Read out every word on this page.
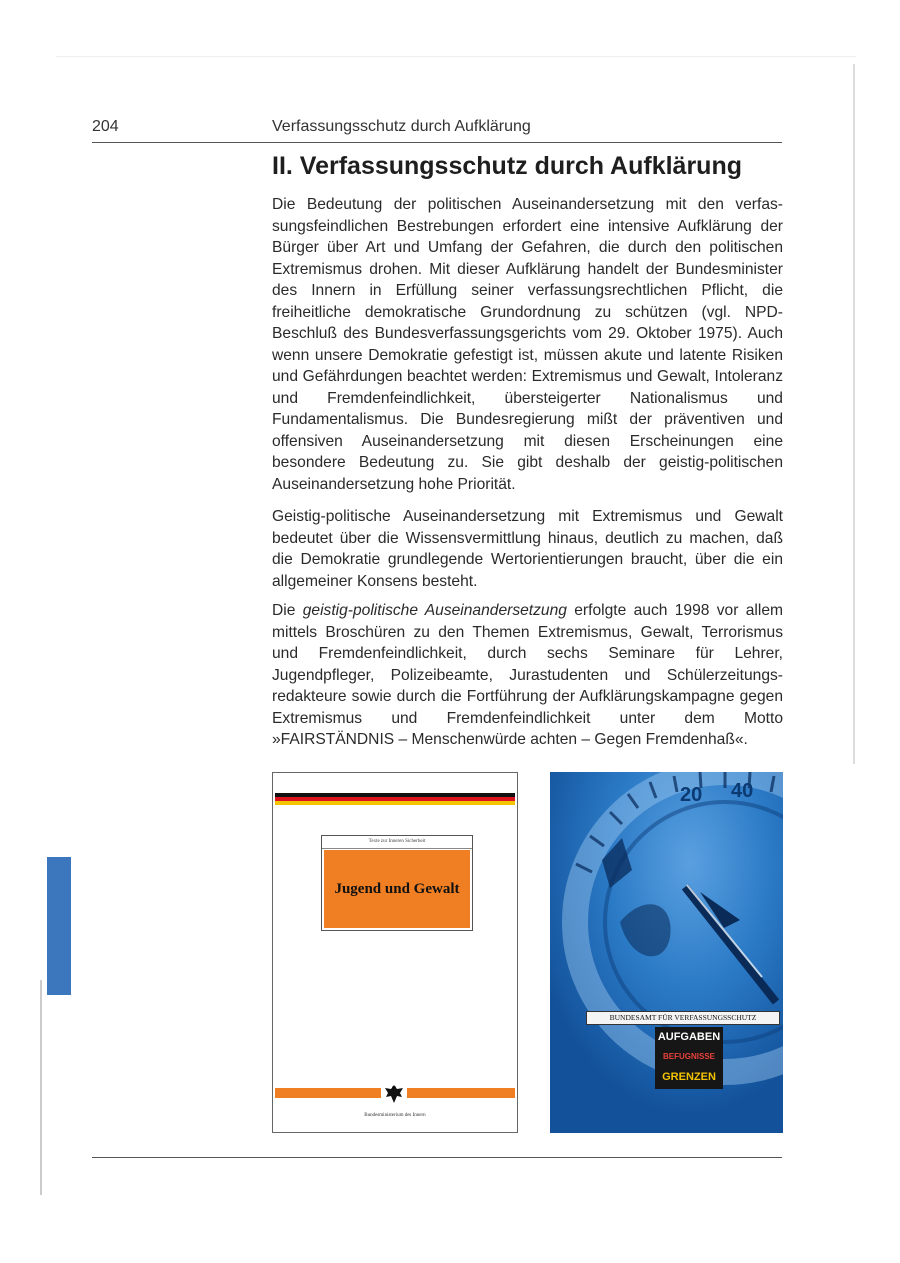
204	Verfassungsschutz durch Aufklärung
II. Verfassungsschutz durch Aufklärung

Die Bedeutung der politischen Auseinandersetzung mit den verfassungsfeindlichen Bestrebungen erfordert eine intensive Aufklärung der Bürger über Art und Umfang der Gefahren, die durch den politischen Extremismus drohen. Mit dieser Aufklärung handelt der Bundesminister des Innern in Erfüllung seiner verfassungsrechtlichen Pflicht, die freiheitliche demokratische Grundordnung zu schützen (vgl. NPD-Beschluß des Bundesverfassungsgerichts vom 29. Oktober 1975). Auch wenn unsere Demokratie gefestigt ist, müssen akute und latente Risiken und Gefährdungen beachtet werden: Extremismus und Gewalt, Intoleranz und Fremdenfeindlichkeit, übersteigerter Nationalismus und Fundamentalismus. Die Bundesregierung mißt der präventiven und offensiven Auseinandersetzung mit diesen Erscheinungen eine besondere Bedeutung zu. Sie gibt deshalb der geistig-politischen Auseinandersetzung hohe Priorität.

Geistig-politische Auseinandersetzung mit Extremismus und Gewalt bedeutet über die Wissensvermittlung hinaus, deutlich zu machen, daß die Demokratie grundlegende Wertorientierungen braucht, über die ein allgemeiner Konsens besteht.

Die geistig-politische Auseinandersetzung erfolgte auch 1998 vor allem mittels Broschüren zu den Themen Extremismus, Gewalt, Terrorismus und Fremdenfeindlichkeit, durch sechs Seminare für Lehrer, Jugendpfleger, Polizeibeamte, Jurastudenten und Schülerzeitungsredakteure sowie durch die Fortführung der Aufklärungskampagne gegen Extremismus und Fremdenfeindlichkeit unter dem Motto »FAIRSTÄNDNIS – Menschenwürde achten – Gegen Fremdenhaß«.

Texte zur Inneren Sicherheit
Jugend und Gewalt
Bundesministerium des Innern
20 40
BUNDESAMT FÜR VERFASSUNGSSCHUTZ
AUFGABEN
BEFUGNISSE
GRENZEN
